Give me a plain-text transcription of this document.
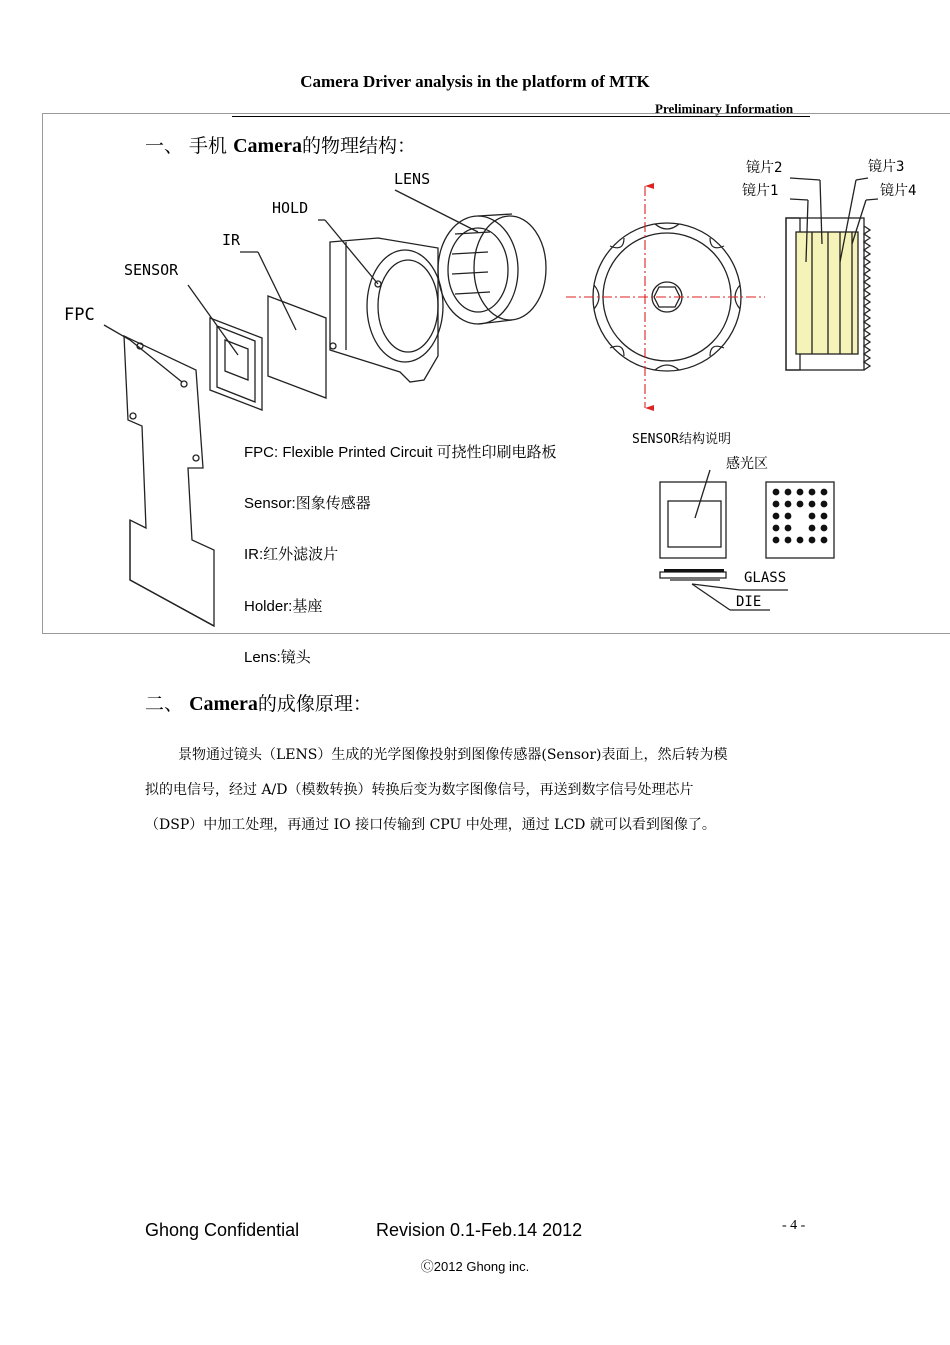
Camera Driver analysis in the platform of MTK
Preliminary Information
一、 手机 Camera的物理结构：
FPC
SENSOR
IR
HOLD
LENS
镜片2
镜片1
镜片3
镜片4
SENSOR结构说明
感光区
GLASS
DIE
FPC: Flexible Printed Circuit 可挠性印刷电路板
Sensor:图象传感器
IR:红外滤波片
Holder:基座
Lens:镜头
二、 Camera的成像原理：
景物通过镜头（LENS）生成的光学图像投射到图像传感器(Sensor)表面上，然后转为模
拟的电信号，经过 A/D（模数转换）转换后变为数字图像信号，再送到数字信号处理芯片
（DSP）中加工处理，再通过 IO 接口传输到 CPU 中处理，通过 LCD 就可以看到图像了。
Ghong Confidential	Revision 0.1-Feb.14 2012	- 4 -
Ⓒ2012 Ghong inc.
